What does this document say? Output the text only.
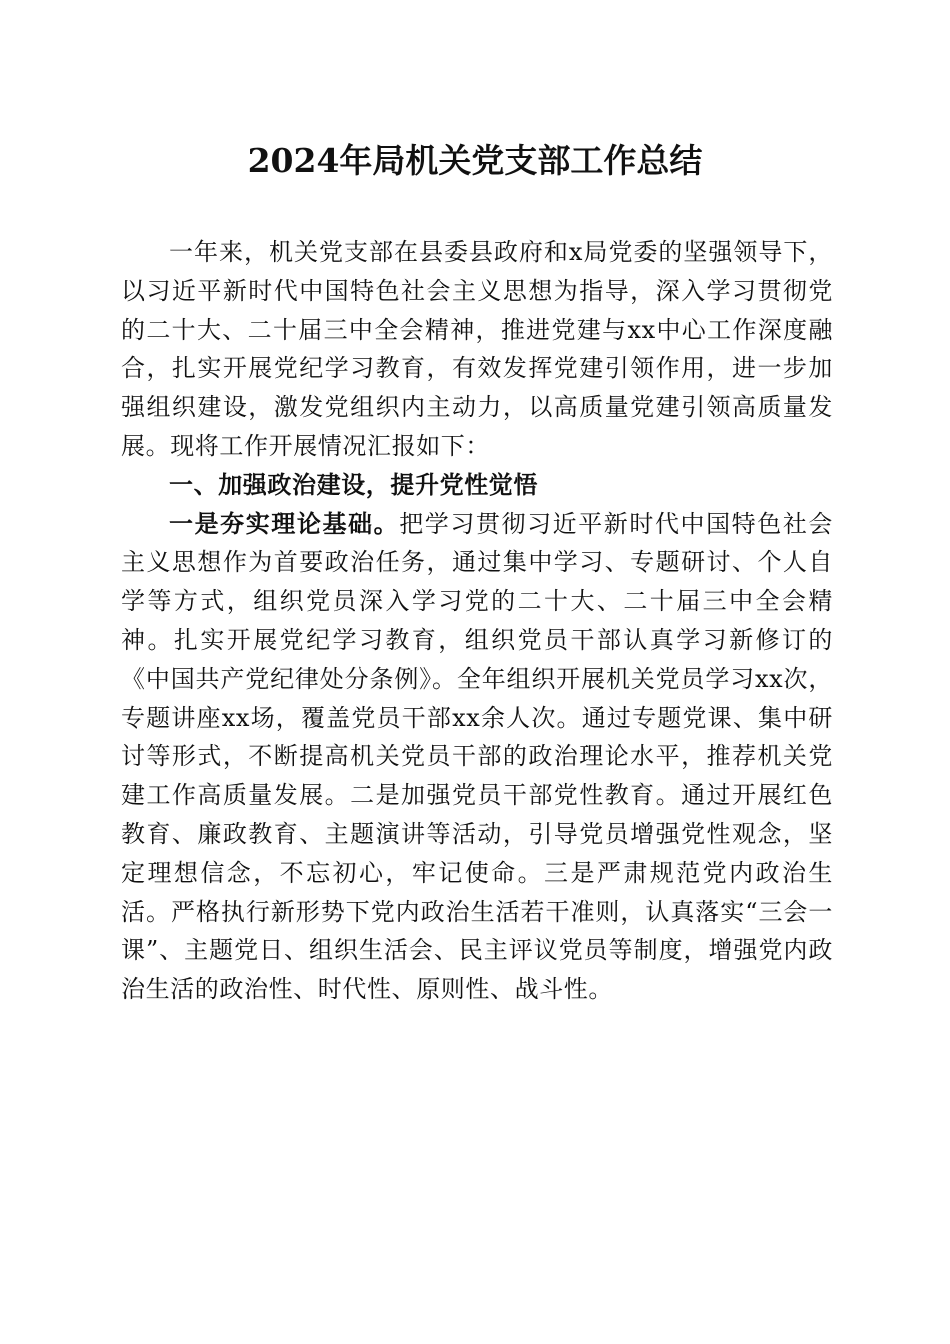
2024年局机关党支部工作总结

一年来，机关党支部在县委县政府和x局党委的坚强领导下，以习近平新时代中国特色社会主义思想为指导，深入学习贯彻党的二十大、二十届三中全会精神，推进党建与xx中心工作深度融合，扎实开展党纪学习教育，有效发挥党建引领作用，进一步加强组织建设，激发党组织内主动力，以高质量党建引领高质量发展。现将工作开展情况汇报如下：

一、加强政治建设，提升党性觉悟

一是夯实理论基础。把学习贯彻习近平新时代中国特色社会主义思想作为首要政治任务，通过集中学习、专题研讨、个人自学等方式，组织党员深入学习党的二十大、二十届三中全会精神。扎实开展党纪学习教育，组织党员干部认真学习新修订的《中国共产党纪律处分条例》。全年组织开展机关党员学习xx次，专题讲座xx场，覆盖党员干部xx余人次。通过专题党课、集中研讨等形式，不断提高机关党员干部的政治理论水平，推荐机关党建工作高质量发展。二是加强党员干部党性教育。通过开展红色教育、廉政教育、主题演讲等活动，引导党员增强党性观念，坚定理想信念，不忘初心，牢记使命。三是严肃规范党内政治生活。严格执行新形势下党内政治生活若干准则，认真落实“三会一课”、主题党日、组织生活会、民主评议党员等制度，增强党内政治生活的政治性、时代性、原则性、战斗性。
